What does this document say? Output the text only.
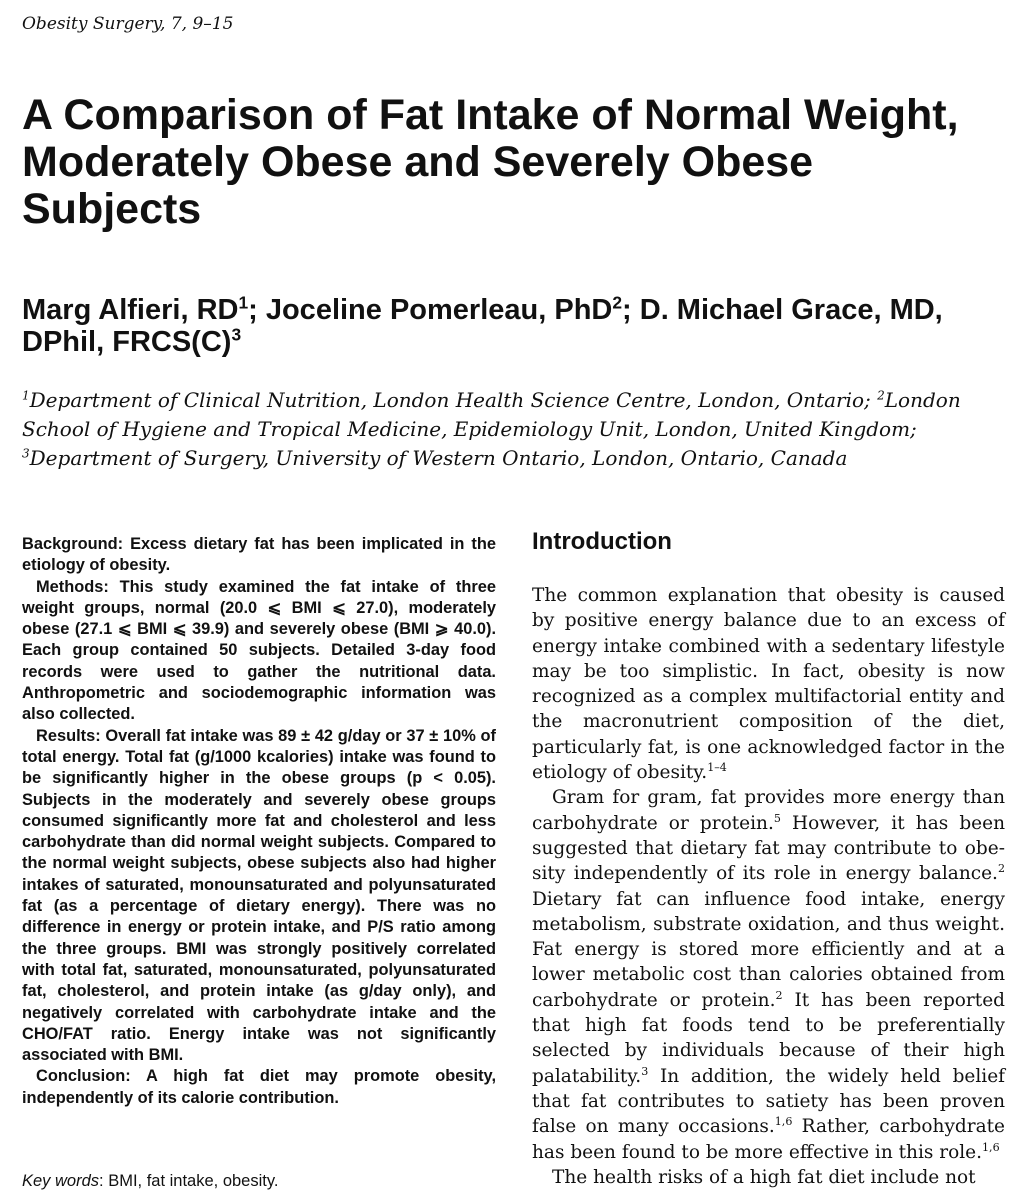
Obesity Surgery, 7, 9–15
A Comparison of Fat Intake of Normal Weight, Moderately Obese and Severely Obese Subjects

Marg Alfieri, $RD^1$; Joceline Pomerleau, PhD$^2$; D. Michael Grace, MD, DPhil, $FRCS(C)^3$

$^1$Department of Clinical Nutrition, London Health Science Centre, London, Ontario; $^2$London School of Hygiene and Tropical Medicine, Epidemiology Unit, London, United Kingdom; $^3$Department of Surgery, University of Western Ontario, London, Ontario, Canada

Background: Excess dietary fat has been implicated in the etiology of obesity.

Methods: This study examined the fat intake of three weight groups, normal (20.0 ⩽ BMI ⩽ 27.0), moderately obese (27.1 ⩽ BMI ⩽ 39.9) and severely obese (BMI ⩾ 40.0). Each group contained 50 subjects. Detailed 3-day food records were used to gather the nutritional data. Anthropometric and sociodemographic information was also collected.

Results: Overall fat intake was 89 ± 42 g/day or 37 ± 10% of total energy. Total fat (g/1000 kcalories) intake was found to be significantly higher in the obese groups (p < 0.05). Subjects in the moderately and severely obese groups consumed significantly more fat and cholesterol and less carbohydrate than did normal weight subjects. Compared to the normal weight subjects, obese subjects also had higher intakes of saturated, monounsaturated and polyunsaturated fat (as a percentage of dietary energy). There was no difference in energy or protein intake, and P/S ratio among the three groups. BMI was strongly positively correlated with total fat, saturated, monounsaturated, polyunsaturated fat, cholesterol, and protein intake (as g/day only), and negatively correlated with carbohydrate intake and the CHO/FAT ratio. Energy intake was not significantly associated with BMI.

Conclusion: A high fat diet may promote obesity, independently of its calorie contribution.

Key words: BMI, fat intake, obesity.
Introduction

The common explanation that obesity is caused by positive energy balance due to an excess of energy intake combined with a sedentary lifestyle may be too simplistic. In fact, obesity is now recognized as a complex multifactorial entity and the macronutrient composition of the diet, particularly fat, is one acknowledged factor in the etiology of obesity.$^{1-4}$

Gram for gram, fat provides more energy than carbohydrate or protein.$^5$ However, it has been suggested that dietary fat may contribute to obesity independently of its role in energy balance.$^2$ Dietary fat can influence food intake, energy metabolism, substrate oxidation, and thus weight. Fat energy is stored more efficiently and at a lower metabolic cost than calories obtained from carbohydrate or protein.$^2$ It has been reported that high fat foods tend to be preferentially selected by individuals because of their high palatability.$^3$ In addition, the widely held belief that fat contributes to satiety has been proven false on many occasions.$^{1,6}$ Rather, carbohydrate has been found to be more effective in this role.$^{1,6}$

The health risks of a high fat diet include not
